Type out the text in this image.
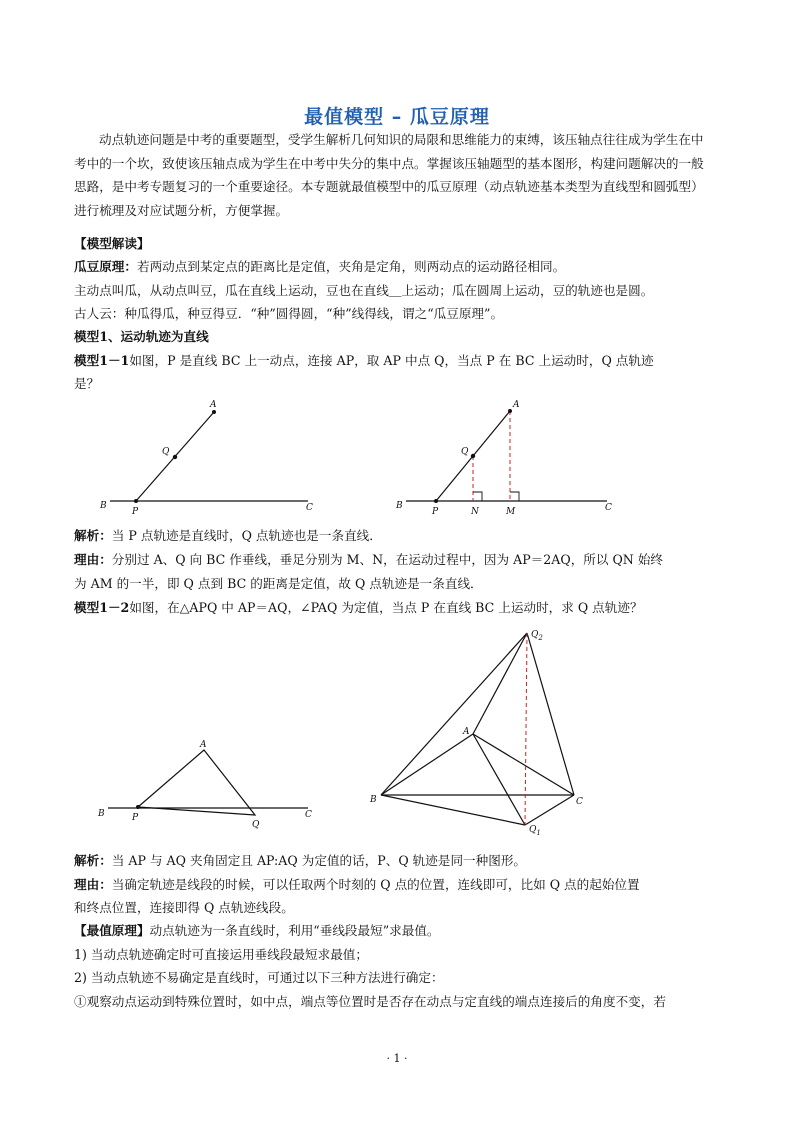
最值模型 – 瓜豆原理
动点轨迹问题是中考的重要题型，受学生解析几何知识的局限和思维能力的束缚，该压轴点往往成为学生在中考中的一个坎，致使该压轴点成为学生在中考中失分的集中点。掌握该压轴题型的基本图形，构建问题解决的一般思路，是中考专题复习的一个重要途径。本专题就最值模型中的瓜豆原理（动点轨迹基本类型为直线型和圆弧型）进行梳理及对应试题分析，方便掌握。
【模型解读】
瓜豆原理：若两动点到某定点的距离比是定值，夹角是定角，则两动点的运动路径相同。
主动点叫瓜，从动点叫豆，瓜在直线上运动，豆也在直线＿上运动；瓜在圆周上运动，豆的轨迹也是圆。
古人云：种瓜得瓜，种豆得豆．“种”圆得圆，“种”线得线，谓之“瓜豆原理”。
模型1、运动轨迹为直线
模型1－1如图，P 是直线 BC 上一动点，连接 AP，取 AP 中点 Q，当点 P 在 BC 上运动时，Q 点轨迹
是？
A
Q
B
P	C
A
Q
B
P	N	M	C
解析：当 P 点轨迹是直线时，Q 点轨迹也是一条直线．
理由：分别过 A、Q 向 BC 作垂线，垂足分别为 M、N，在运动过程中，因为 AP＝2AQ，所以 QN 始终
为 AM 的一半，即 Q 点到 BC 的距离是定值，故 Q 点轨迹是一条直线．
模型1－2如图，在△APQ 中 AP＝AQ，∠PAQ 为定值，当点 P 在直线 BC 上运动时，求 Q 点轨迹？
A
B	P
Q
C
$Q_2$
A
B	C
$Q_1$
解析：当 AP 与 AQ 夹角固定且 AP:AQ 为定值的话，P、Q 轨迹是同一种图形。
理由：当确定轨迹是线段的时候，可以任取两个时刻的 Q 点的位置，连线即可，比如 Q 点的起始位置
和终点位置，连接即得 Q 点轨迹线段。
【最值原理】动点轨迹为一条直线时，利用“垂线段最短”求最值。
1) 当动点轨迹确定时可直接运用垂线段最短求最值；
2) 当动点轨迹不易确定是直线时，可通过以下三种方法进行确定：
①观察动点运动到特殊位置时，如中点，端点等位置时是否存在动点与定直线的端点连接后的角度不变，若
· 1 ·
